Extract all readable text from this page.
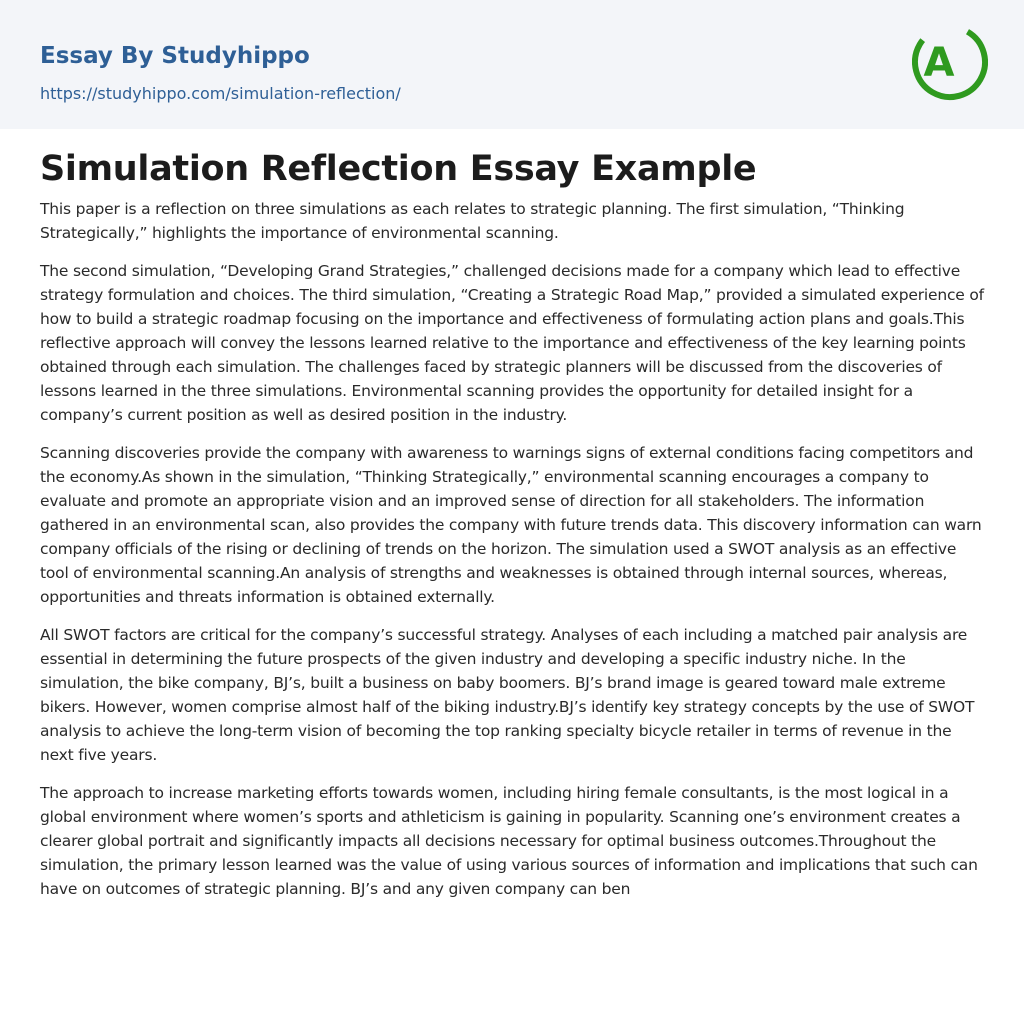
Essay By Studyhippo
https://studyhippo.com/simulation-reflection/
A
Simulation Reflection Essay Example

This paper is a reflection on three simulations as each relates to strategic planning. The first simulation, “Thinking Strategically,” highlights the importance of environmental scanning.

The second simulation, “Developing Grand Strategies,” challenged decisions made for a company which lead to effective strategy formulation and choices. The third simulation, “Creating a Strategic Road Map,” provided a simulated experience of how to build a strategic roadmap focusing on the importance and effectiveness of formulating action plans and goals.This reflective approach will convey the lessons learned relative to the importance and effectiveness of the key learning points obtained through each simulation. The challenges faced by strategic planners will be discussed from the discoveries of lessons learned in the three simulations. Environmental scanning provides the opportunity for detailed insight for a company’s current position as well as desired position in the industry.

Scanning discoveries provide the company with awareness to warnings signs of external conditions facing competitors and the economy.As shown in the simulation, “Thinking Strategically,” environmental scanning encourages a company to evaluate and promote an appropriate vision and an improved sense of direction for all stakeholders. The information gathered in an environmental scan, also provides the company with future trends data. This discovery information can warn company officials of the rising or declining of trends on the horizon. The simulation used a SWOT analysis as an effective tool of environmental scanning.An analysis of strengths and weaknesses is obtained through internal sources, whereas, opportunities and threats information is obtained externally.

All SWOT factors are critical for the company’s successful strategy. Analyses of each including a matched pair analysis are essential in determining the future prospects of the given industry and developing a specific industry niche. In the simulation, the bike company, BJ’s, built a business on baby boomers. BJ’s brand image is geared toward male extreme bikers. However, women comprise almost half of the biking industry.BJ’s identify key strategy concepts by the use of SWOT analysis to achieve the long-term vision of becoming the top ranking specialty bicycle retailer in terms of revenue in the next five years.

The approach to increase marketing efforts towards women, including hiring female consultants, is the most logical in a global environment where women’s sports and athleticism is gaining in popularity. Scanning one’s environment creates a clearer global portrait and significantly impacts all decisions necessary for optimal business outcomes.Throughout the simulation, the primary lesson learned was the value of using various sources of information and implications that such can have on outcomes of strategic planning. BJ’s and any given company can ben
